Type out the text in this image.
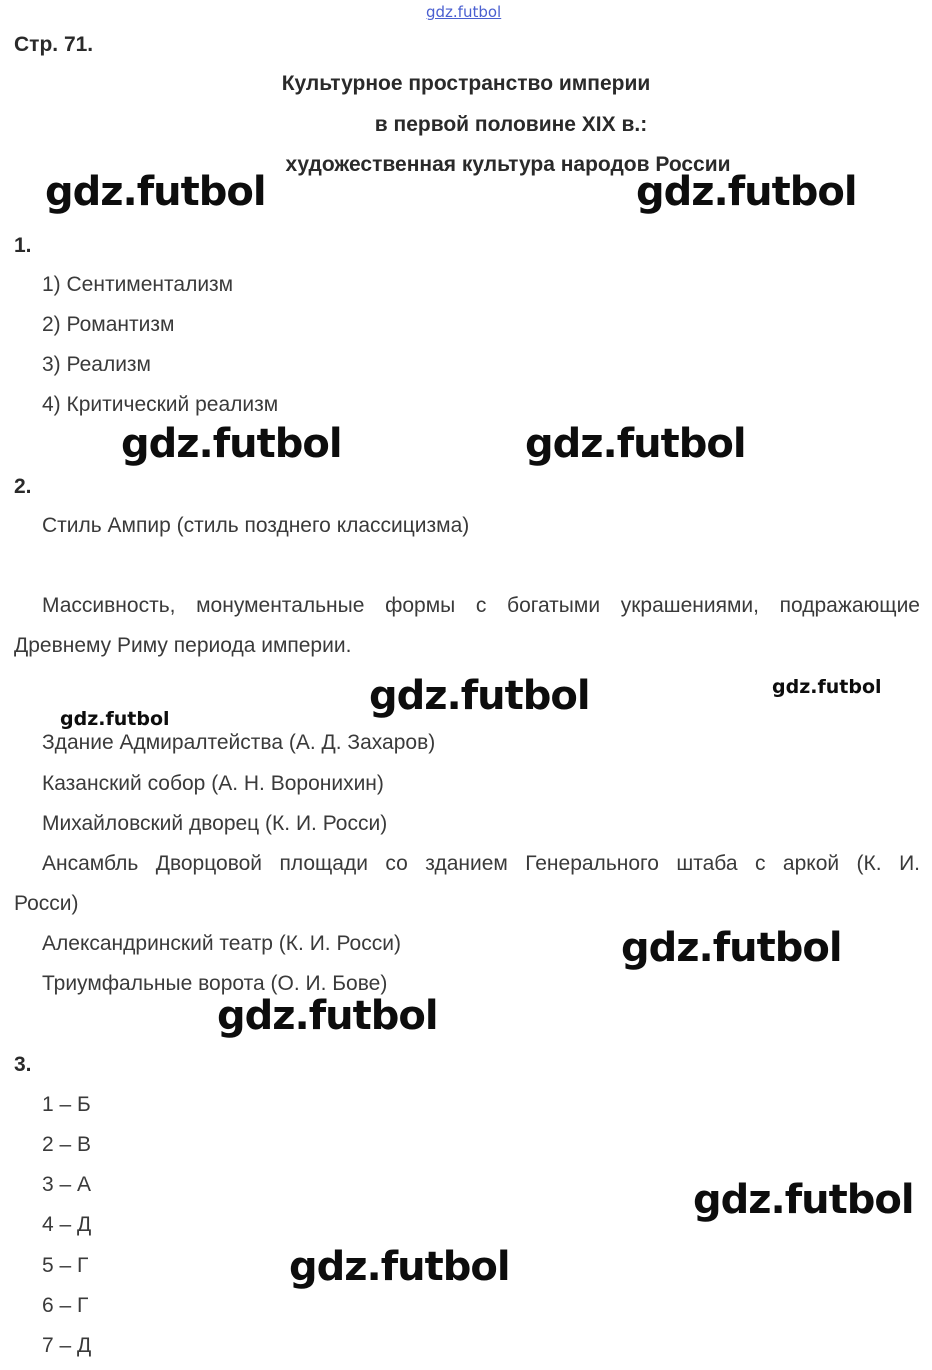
gdz.futbol
Стр. 71.
Культурное пространство империи
в первой половине XIX в.:
художественная культура народов России
gdz.futbol	gdz.futbol
1.
1) Сентиментализм
2) Романтизм
3) Реализм
4) Критический реализм
gdz.futbol	gdz.futbol
2.
Стиль Ампир (стиль позднего классицизма)
Массивность, монументальные формы с богатыми украшениями, подражающие
Древнему Риму периода империи.
gdz.futbol	gdz.futbol
gdz.futbol
Здание Адмиралтейства (А. Д. Захаров)
Казанский собор (А. Н. Воронихин)
Михайловский дворец (К. И. Росси)
Ансамбль Дворцовой площади со зданием Генерального штаба с аркой (К. И.
Росси)
Александринский театр (К. И. Росси)
Триумфальные ворота (О. И. Бове)
gdz.futbol
gdz.futbol
3.
1 – Б
2 – В
3 – А
4 – Д
5 – Г
6 – Г
7 – Д
gdz.futbol
gdz.futbol
